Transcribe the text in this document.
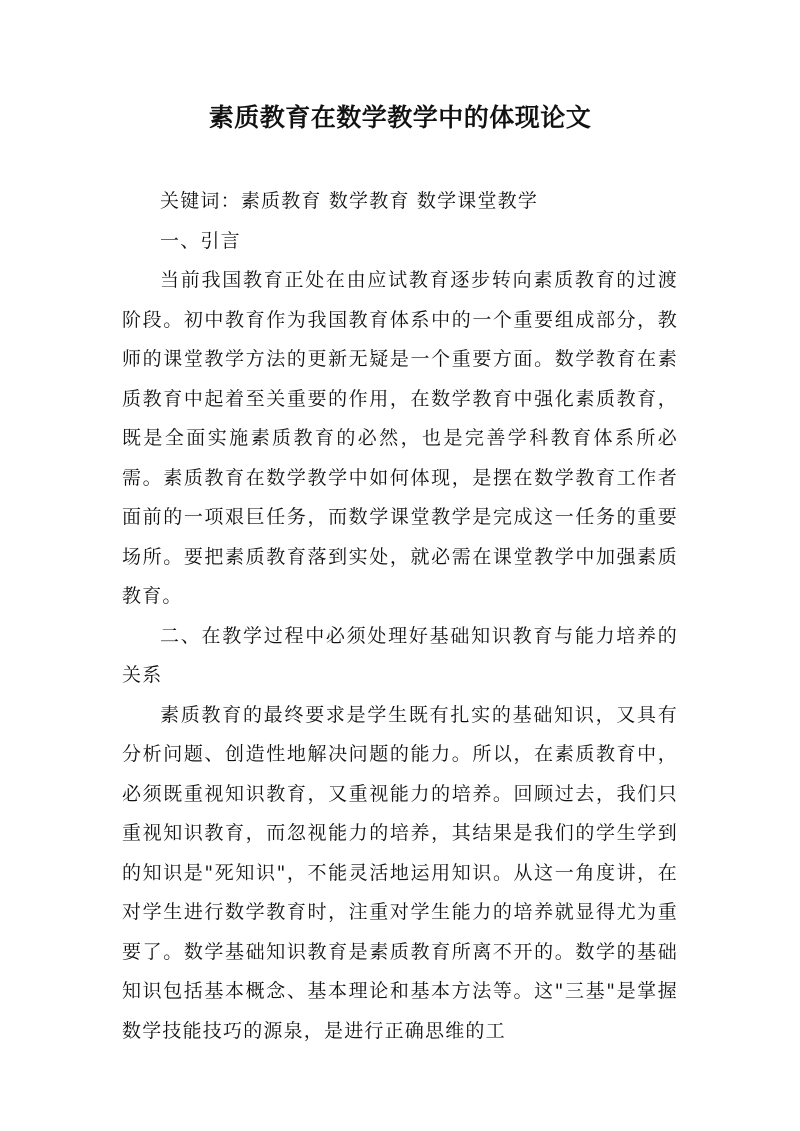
素质教育在数学教学中的体现论文

关键词：素质教育 数学教育 数学课堂教学

一、引言

当前我国教育正处在由应试教育逐步转向素质教育的过渡阶段。初中教育作为我国教育体系中的一个重要组成部分，教师的课堂教学方法的更新无疑是一个重要方面。数学教育在素质教育中起着至关重要的作用，在数学教育中强化素质教育，既是全面实施素质教育的必然，也是完善学科教育体系所必需。素质教育在数学教学中如何体现，是摆在数学教育工作者面前的一项艰巨任务，而数学课堂教学是完成这一任务的重要场所。要把素质教育落到实处，就必需在课堂教学中加强素质教育。

二、在教学过程中必须处理好基础知识教育与能力培养的关系

素质教育的最终要求是学生既有扎实的基础知识，又具有分析问题、创造性地解决问题的能力。所以，在素质教育中，必须既重视知识教育，又重视能力的培养。回顾过去，我们只重视知识教育，而忽视能力的培养，其结果是我们的学生学到的知识是"死知识"，不能灵活地运用知识。从这一角度讲，在对学生进行数学教育时，注重对学生能力的培养就显得尤为重要了。数学基础知识教育是素质教育所离不开的。数学的基础知识包括基本概念、基本理论和基本方法等。这"三基"是掌握数学技能技巧的源泉，是进行正确思维的工
